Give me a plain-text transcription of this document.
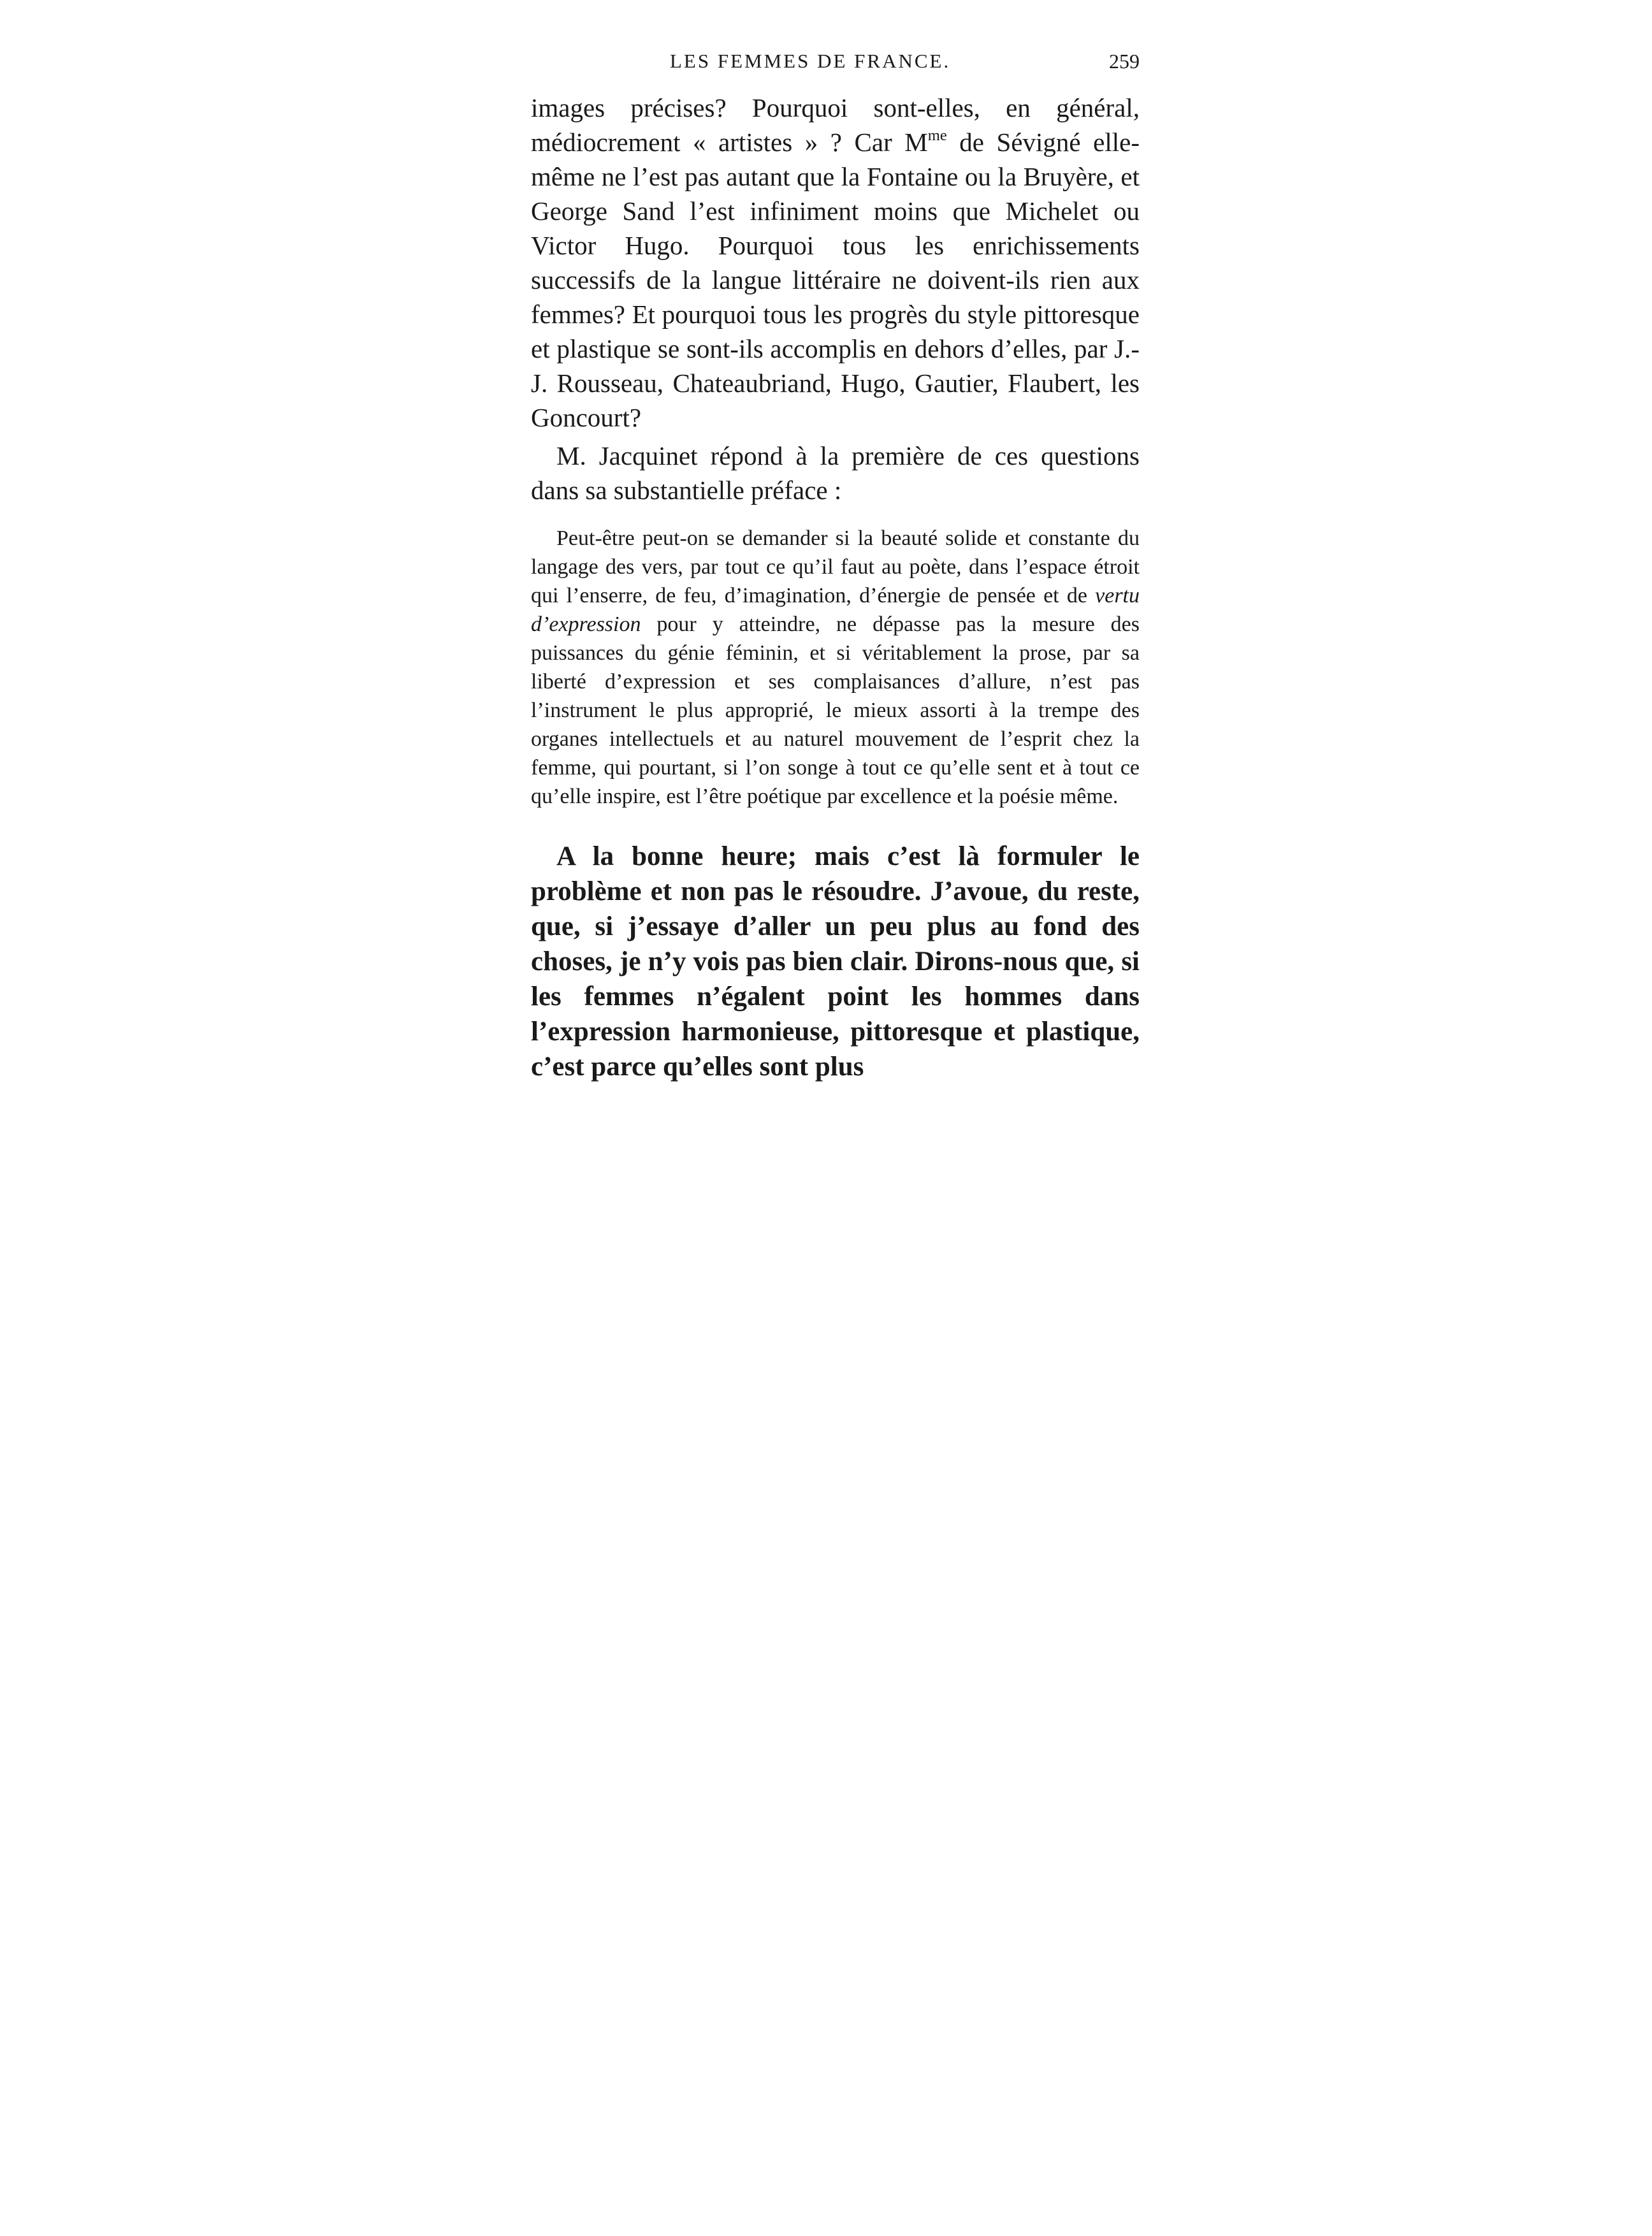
LES FEMMES DE FRANCE.	259

images précises? Pourquoi sont-elles, en général, médiocrement « artistes » ? Car $M^{me}$ de Sévigné elle-même ne l’est pas autant que la Fontaine ou la Bruyère, et George Sand l’est infiniment moins que Michelet ou Victor Hugo. Pourquoi tous les enrichissements successifs de la langue littéraire ne doivent-ils rien aux femmes? Et pourquoi tous les progrès du style pittoresque et plastique se sont-ils accomplis en dehors d’elles, par J.-J. Rousseau, Chateaubriand, Hugo, Gautier, Flaubert, les Goncourt?

M. Jacquinet répond à la première de ces questions dans sa substantielle préface :

Peut-être peut-on se demander si la beauté solide et constante du langage des vers, par tout ce qu’il faut au poète, dans l’espace étroit qui l’enserre, de feu, d’imagination, d’énergie de pensée et de vertu d’expression pour y atteindre, ne dépasse pas la mesure des puissances du génie féminin, et si véritablement la prose, par sa liberté d’expression et ses complaisances d’allure, n’est pas l’instrument le plus approprié, le mieux assorti à la trempe des organes intellectuels et au naturel mouvement de l’esprit chez la femme, qui pourtant, si l’on songe à tout ce qu’elle sent et à tout ce qu’elle inspire, est l’être poétique par excellence et la poésie même.

A la bonne heure; mais c’est là formuler le problème et non pas le résoudre. J’avoue, du reste, que, si j’essaye d’aller un peu plus au fond des choses, je n’y vois pas bien clair. Dirons-nous que, si les femmes n’égalent point les hommes dans l’expression harmonieuse, pittoresque et plastique, c’est parce qu’elles sont plus
